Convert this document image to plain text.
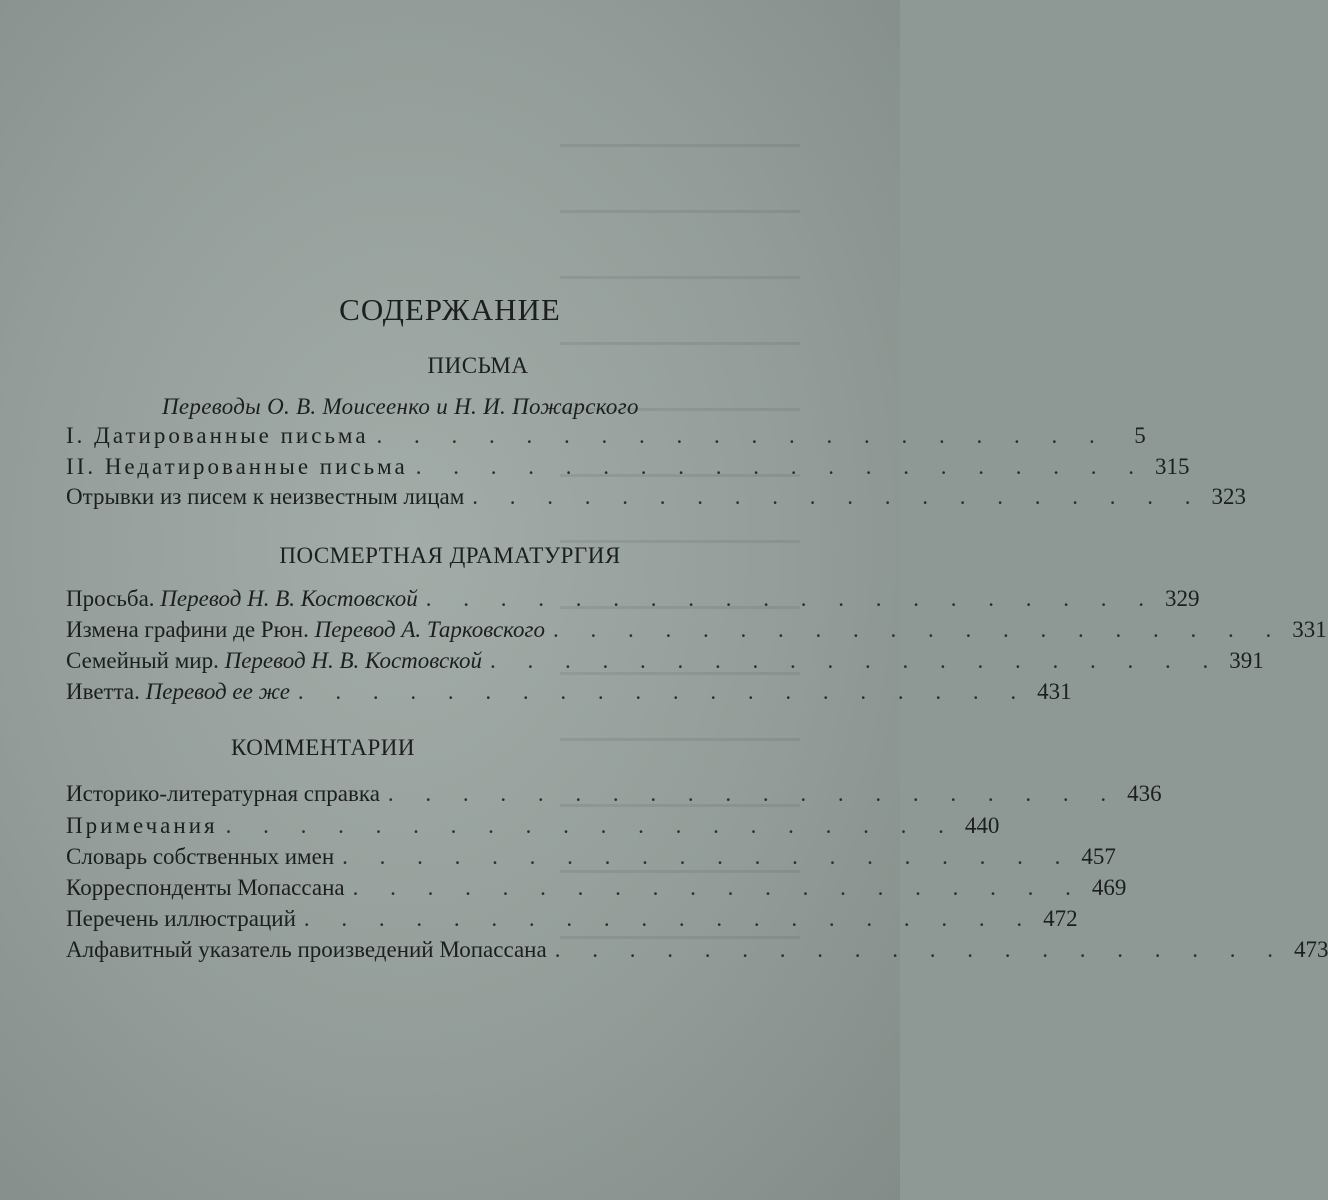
СОДЕРЖАНИЕ
ПИСЬМА
Переводы О. В. Моисеенко и Н. И. Пожарского
I. Датированные письма . . . . . . . . . . . . . . . . . . . .	5
II. Недатированные письма . . . . . . . . . . . . . . . . . . . . 315
Отрывки из писем к неизвестным лицам . . . . . . . . . . . . . . . . . . . . 323
ПОСМЕРТНАЯ ДРАМАТУРГИЯ
Просьба. Перевод Н. В. Костовской . . . . . . . . . . . . . . . . . . . . 329
Измена графини де Рюн. Перевод А. Тарковского . . . . . . . . . . . . . . . . . . . . 331
Семейный мир. Перевод Н. В. Костовской . . . . . . . . . . . . . . . . . . . . 391
Иветта. Перевод ее же . . . . . . . . . . . . . . . . . . . . 431
КОММЕНТАРИИ
Историко-литературная справка . . . . . . . . . . . . . . . . . . . . 436
Примечания . . . . . . . . . . . . . . . . . . . . 440
Словарь собственных имен . . . . . . . . . . . . . . . . . . . . 457
Корреспонденты Мопассана . . . . . . . . . . . . . . . . . . . . 469
Перечень иллюстраций . . . . . . . . . . . . . . . . . . . . 472
Алфавитный указатель произведений Мопассана . . . . . . . . . . . . . . . . . . . . 473
